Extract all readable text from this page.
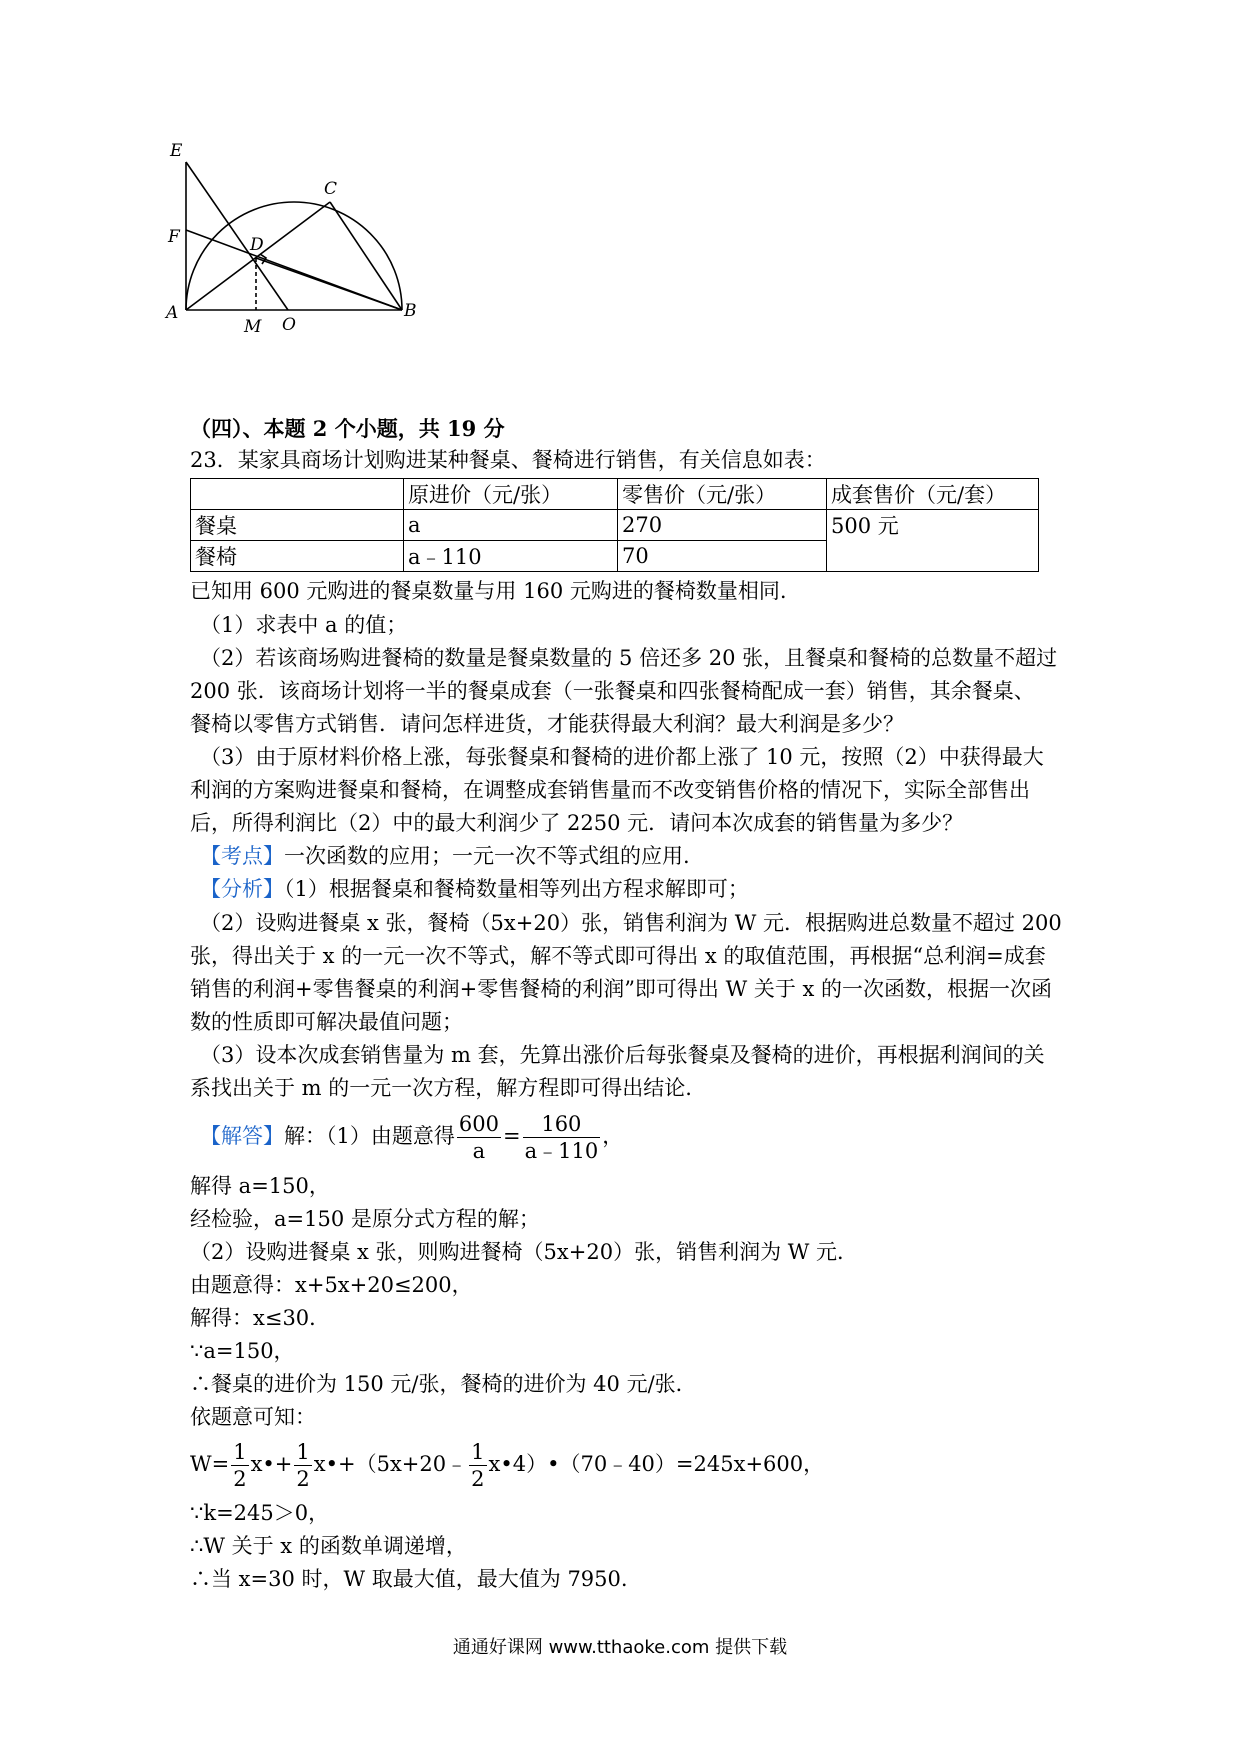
E
C
F	D
A
M O
B
（四）、本题 2 个小题，共 19 分
23．某家具商场计划购进某种餐桌、餐椅进行销售，有关信息如表：
	原进价（元/张）	零售价（元/张）	成套售价（元/套）
餐桌	a	270	500 元
餐椅	a﹣110	70	
已知用 600 元购进的餐桌数量与用 160 元购进的餐椅数量相同.
（1）求表中 a 的值；
（2）若该商场购进餐椅的数量是餐桌数量的 5 倍还多 20 张，且餐桌和餐椅的总数量不超过
200 张．该商场计划将一半的餐桌成套（一张餐桌和四张餐椅配成一套）销售，其余餐桌、
餐椅以零售方式销售．请问怎样进货，才能获得最大利润？最大利润是多少？
（3）由于原材料价格上涨，每张餐桌和餐椅的进价都上涨了 10 元，按照（2）中获得最大
利润的方案购进餐桌和餐椅，在调整成套销售量而不改变销售价格的情况下，实际全部售出
后，所得利润比（2）中的最大利润少了 2250 元．请问本次成套的销售量为多少？
【考点】一次函数的应用；一元一次不等式组的应用.
【分析】（1）根据餐桌和餐椅数量相等列出方程求解即可；
（2）设购进餐桌 x 张，餐椅（5x+20）张，销售利润为 W 元．根据购进总数量不超过 200
张，得出关于 x 的一元一次不等式，解不等式即可得出 x 的取值范围，再根据“总利润=成套
销售的利润+零售餐桌的利润+零售餐椅的利润”即可得出 W 关于 x 的一次函数，根据一次函
数的性质即可解决最值问题；
（3）设本次成套销售量为 m 套，先算出涨价后每张餐桌及餐椅的进价，再根据利润间的关
系找出关于 m 的一元一次方程，解方程即可得出结论.
【解答】解：（1）由题意得 $\frac{600}{a} = \frac{160}{a﹣110}$ ，
解得 a=150，
经检验，a=150 是原分式方程的解；
（2）设购进餐桌 x 张，则购进餐椅（5x+20）张，销售利润为 W 元．
由题意得：x+5x+20≤200，
解得：x≤30．
∵a=150，
∴餐桌的进价为 150 元/张，餐椅的进价为 40 元/张．
依题意可知：
$W= \frac{1}{2}$ x•+ $\frac{1}{2}$ x•+（5x+20﹣ $\frac{1}{2}$ x•4）•（70﹣40）=245x+600，
∵k=245＞0，
∴W 关于 x 的函数单调递增，
∴当 x=30 时，W 取最大值，最大值为 7950.
通通好课网 www.tthaoke.com 提供下载
